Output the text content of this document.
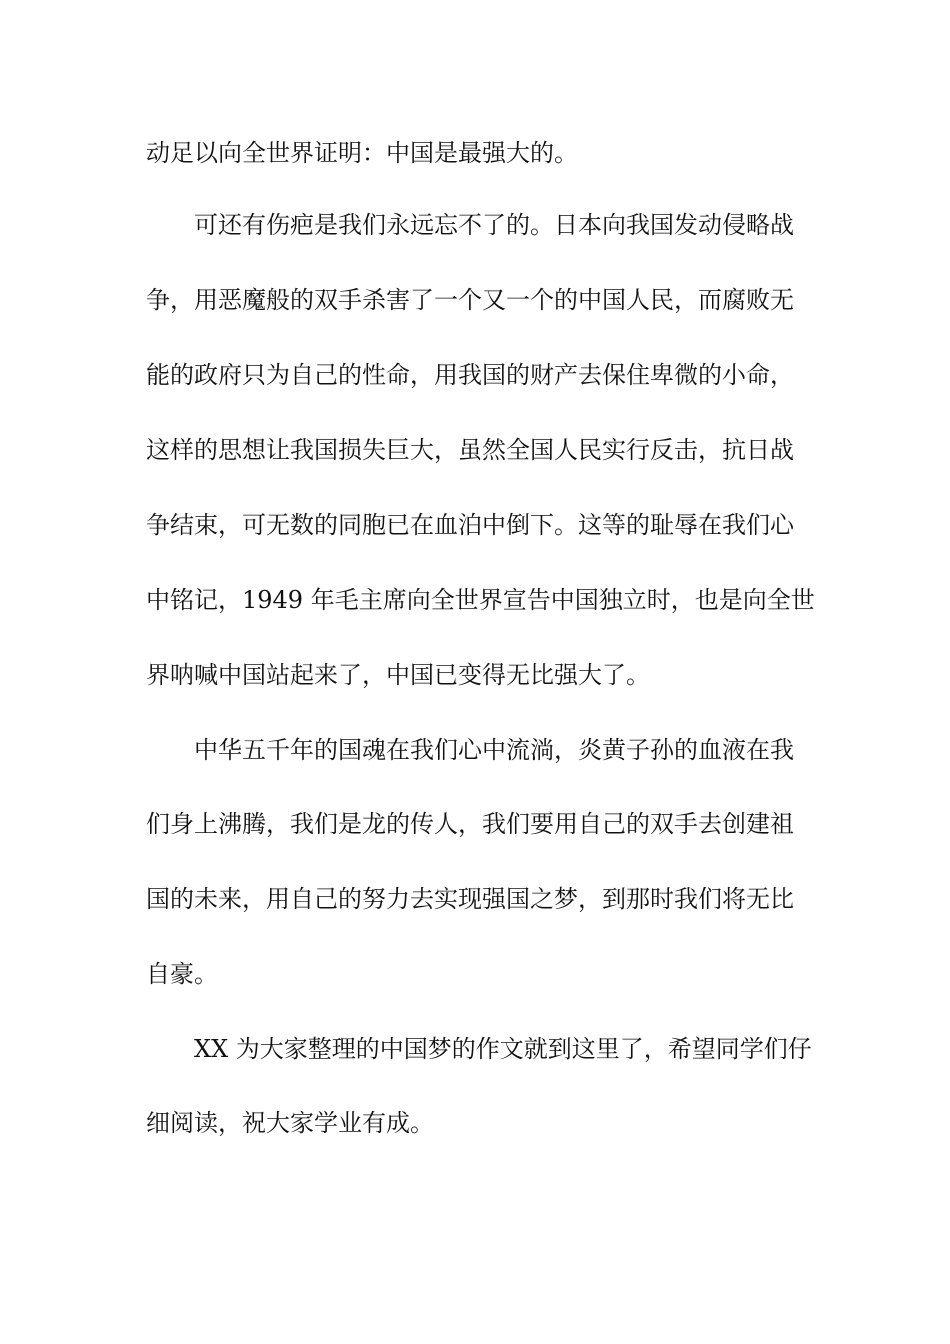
动足以向全世界证明：中国是最强大的。
可还有伤疤是我们永远忘不了的。日本向我国发动侵略战
争，用恶魔般的双手杀害了一个又一个的中国人民，而腐败无
能的政府只为自己的性命，用我国的财产去保住卑微的小命，
这样的思想让我国损失巨大，虽然全国人民实行反击，抗日战
争结束，可无数的同胞已在血泊中倒下。这等的耻辱在我们心
中铭记，1949 年毛主席向全世界宣告中国独立时，也是向全世
界呐喊中国站起来了，中国已变得无比强大了。
中华五千年的国魂在我们心中流淌，炎黄子孙的血液在我
们身上沸腾，我们是龙的传人，我们要用自己的双手去创建祖
国的未来，用自己的努力去实现强国之梦，到那时我们将无比
自豪。
XX 为大家整理的中国梦的作文就到这里了，希望同学们仔
细阅读，祝大家学业有成。
